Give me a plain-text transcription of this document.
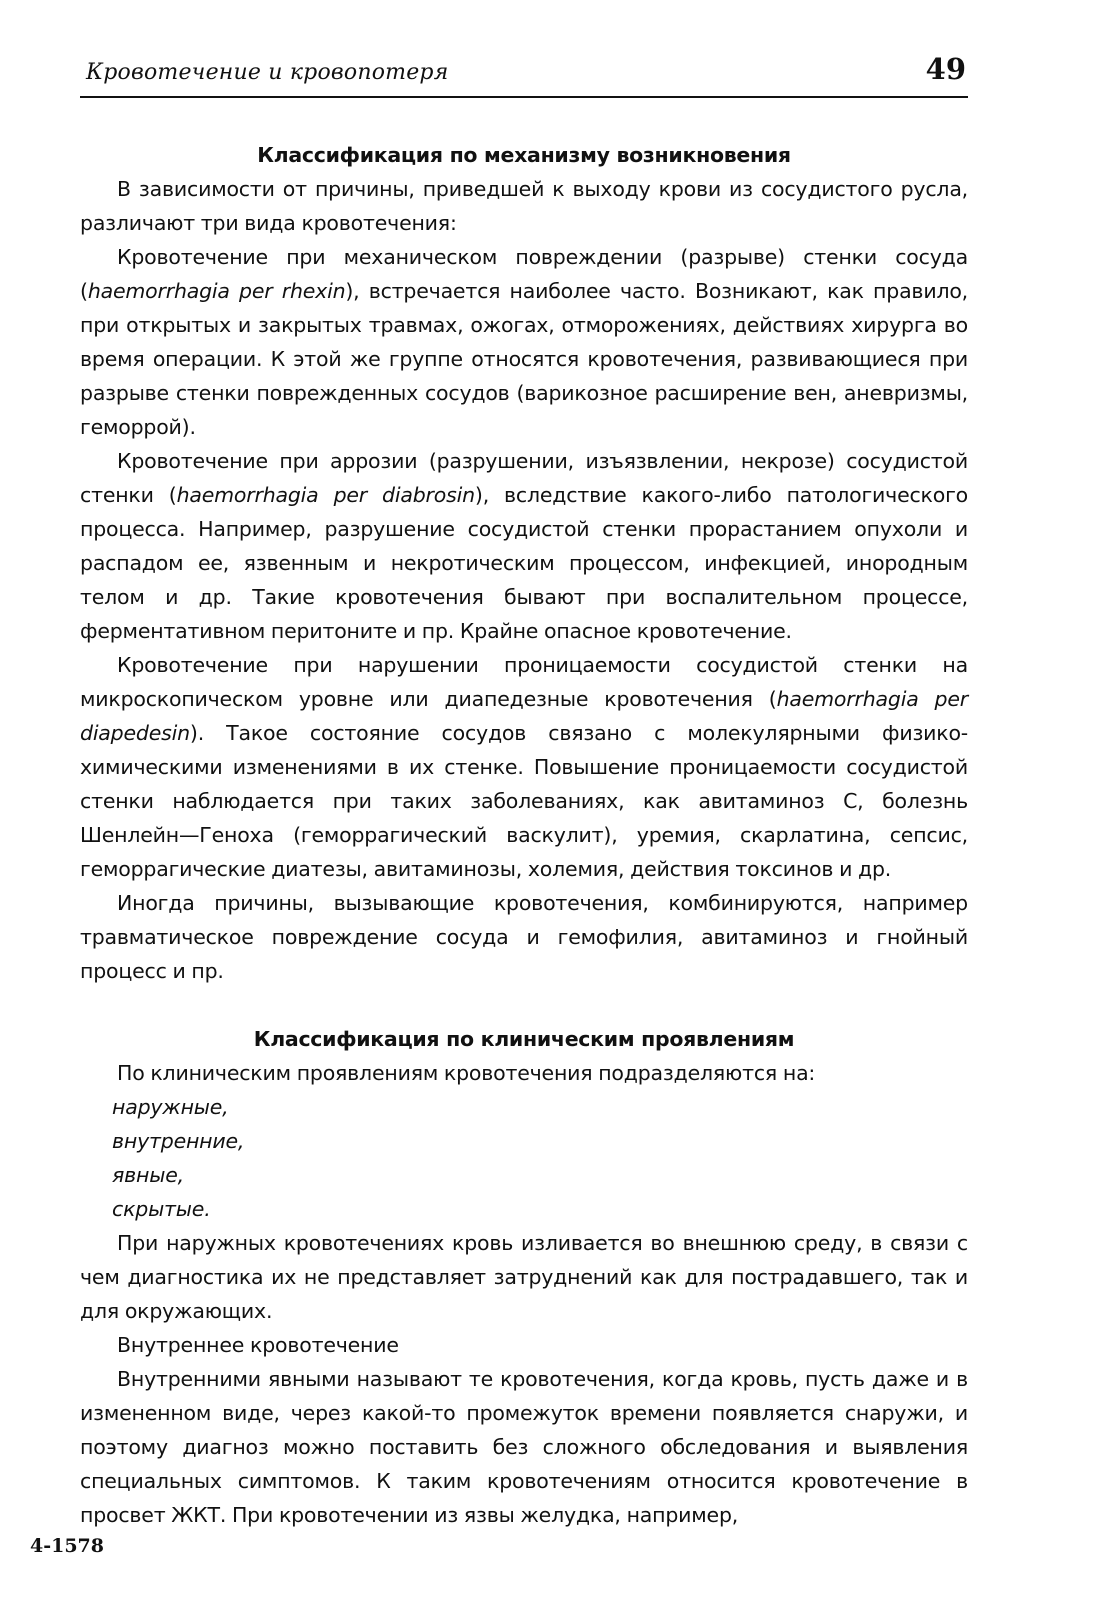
Кровотечение и кровопотеря	49
Классификация по механизму возникновения

В зависимости от причины, приведшей к выходу крови из сосудистого русла, различают три вида кровотечения:

Кровотечение при механическом повреждении (разрыве) стенки сосуда (haemorrhagia per rhexin), встречается наиболее часто. Возникают, как правило, при открытых и закрытых травмах, ожогах, отморожениях, действиях хирурга во время операции. К этой же группе относятся кровотечения, развивающиеся при разрыве стенки поврежденных сосудов (варикозное расширение вен, аневризмы, геморрой).

Кровотечение при аррозии (разрушении, изъязвлении, некрозе) сосудистой стенки (haemorrhagia per diabrosin), вследствие какого-либо патологического процесса. Например, разрушение сосудистой стенки прорастанием опухоли и распадом ее, язвенным и некротическим процессом, инфекцией, инородным телом и др. Такие кровотечения бывают при воспалительном процессе, ферментативном перитоните и пр. Крайне опасное кровотечение.

Кровотечение при нарушении проницаемости сосудистой стенки на микроскопическом уровне или диапедезные кровотечения (haemorrhagia per diapedesin). Такое состояние сосудов связано с молекулярными физико-химическими изменениями в их стенке. Повышение проницаемости сосудистой стенки наблюдается при таких заболеваниях, как авитаминоз С, болезнь Шенлейн—Геноха (геморрагический васкулит), уремия, скарлатина, сепсис, геморрагические диатезы, авитаминозы, холемия, действия токсинов и др.

Иногда причины, вызывающие кровотечения, комбинируются, например травматическое повреждение сосуда и гемофилия, авитаминоз и гнойный процесс и пр.

Классификация по клиническим проявлениям

По клиническим проявлениям кровотечения подразделяются на:

наружные,
внутренние,
явные,
скрытые.

При наружных кровотечениях кровь изливается во внешнюю среду, в связи с чем диагностика их не представляет затруднений как для пострадавшего, так и для окружающих.

Внутреннее кровотечение

Внутренними явными называют те кровотечения, когда кровь, пусть даже и в измененном виде, через какой-то промежуток времени появляется снаружи, и поэтому диагноз можно поставить без сложного обследования и выявления специальных симптомов. К таким кровотечениям относится кровотечение в просвет ЖКТ. При кровотечении из язвы желудка, например,

4-1578
